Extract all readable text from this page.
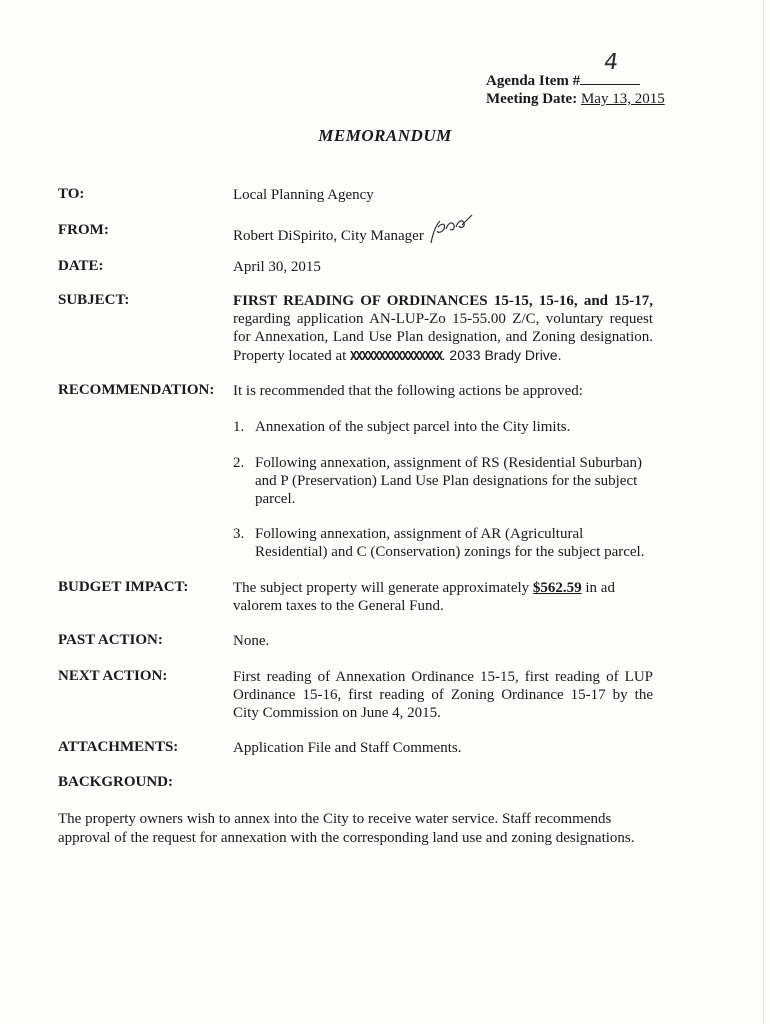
Agenda Item #
4
Meeting Date: May 13, 2015
MEMORANDUM
TO:	Local Planning Agency
FROM:	Robert DiSpirito, City Manager
DATE:	April 30, 2015
SUBJECT:	FIRST READING OF ORDINANCES 15-15, 15-16, and 15-17, regarding application AN-LUP-Zo 15-55.00 Z/C, voluntary request for Annexation, Land Use Plan designation, and Zoning designation. Property located at XXXXXXXXXXXXXXXX. 2033 Brady Drive.
RECOMMENDATION: It is recommended that the following actions be approved:
1. Annexation of the subject parcel into the City limits.
2. Following annexation, assignment of RS (Residential Suburban) and P (Preservation) Land Use Plan designations for the subject parcel.
3. Following annexation, assignment of AR (Agricultural Residential) and C (Conservation) zonings for the subject parcel.
BUDGET IMPACT:	The subject property will generate approximately $562.59 in ad valorem taxes to the General Fund.
PAST ACTION:	None.
NEXT ACTION:	First reading of Annexation Ordinance 15-15, first reading of LUP Ordinance 15-16, first reading of Zoning Ordinance 15-17 by the City Commission on June 4, 2015.
ATTACHMENTS:	Application File and Staff Comments.
BACKGROUND:
The property owners wish to annex into the City to receive water service. Staff recommends approval of the request for annexation with the corresponding land use and zoning designations.
